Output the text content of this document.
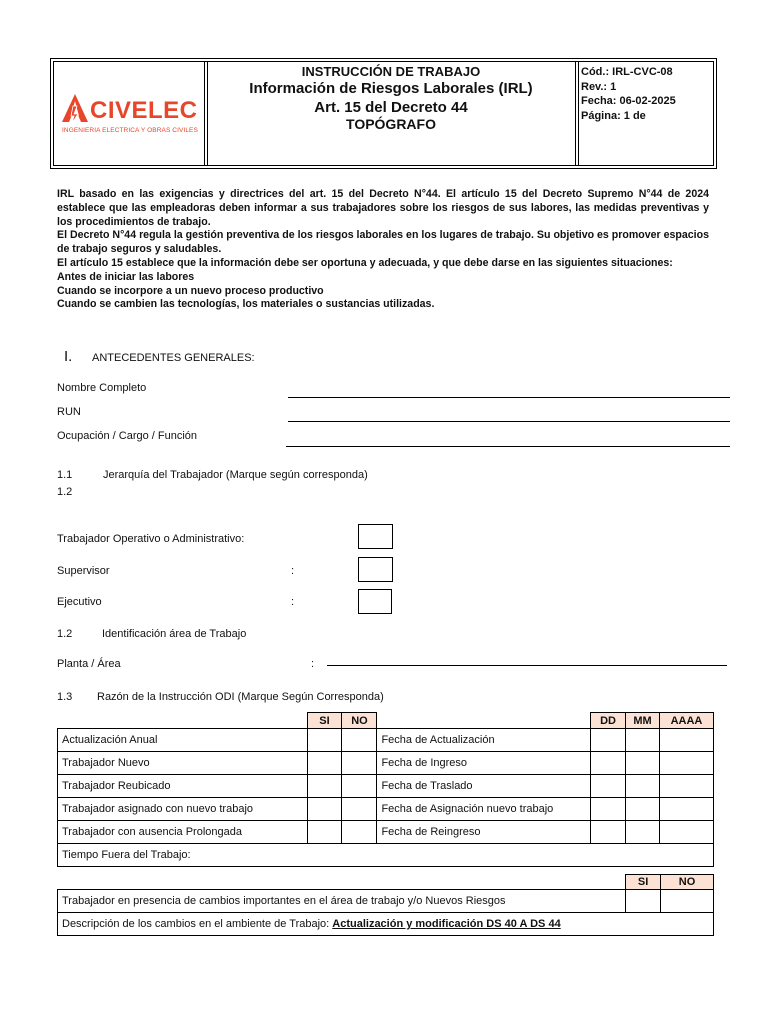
CIVELEC
INGENIERIA ELECTRICA Y OBRAS CIVILES
INSTRUCCIÓN DE TRABAJO
Información de Riesgos Laborales (IRL)
Art. 15 del Decreto 44
TOPÓGRAFO
Cód.: IRL-CVC-08
Rev.: 1
Fecha: 06-02-2025
Página: 1 de

IRL basado en las exigencias y directrices del art. 15 del Decreto N°44. El artículo 15 del Decreto Supremo N°44 de 2024 establece que las empleadoras deben informar a sus trabajadores sobre los riesgos de sus labores, las medidas preventivas y los procedimientos de trabajo.

El Decreto N°44 regula la gestión preventiva de los riesgos laborales en los lugares de trabajo. Su objetivo es promover espacios de trabajo seguros y saludables.

El artículo 15 establece que la información debe ser oportuna y adecuada, y que debe darse en las siguientes situaciones:

Antes de iniciar las labores

Cuando se incorpore a un nuevo proceso productivo

Cuando se cambien las tecnologías, los materiales o sustancias utilizadas.

I. ANTECEDENTES GENERALES:
Nombre Completo
RUN
Ocupación / Cargo / Función
1.1	Jerarquía del Trabajador (Marque según corresponda)
1.2
Trabajador Operativo o Administrativo:
Supervisor	:
Ejecutivo	:
1.2	Identificación área de Trabajo
Planta / Área	:
1.3 Razón de la Instrucción ODI (Marque Según Corresponda)
	SI	NO		DD	MM	AAAA
Actualización Anual			Fecha de Actualización			
Trabajador Nuevo			Fecha de Ingreso			
Trabajador Reubicado			Fecha de Traslado			
Trabajador asignado con nuevo trabajo			Fecha de Asignación nuevo trabajo			
Trabajador con ausencia Prolongada			Fecha de Reingreso			
Tiempo Fuera del Trabajo:						
	SI	NO
Trabajador en presencia de cambios importantes en el área de trabajo y/o Nuevos Riesgos		
Descripción de los cambios en el ambiente de Trabajo: Actualización y modificación DS 40 A DS 44		
